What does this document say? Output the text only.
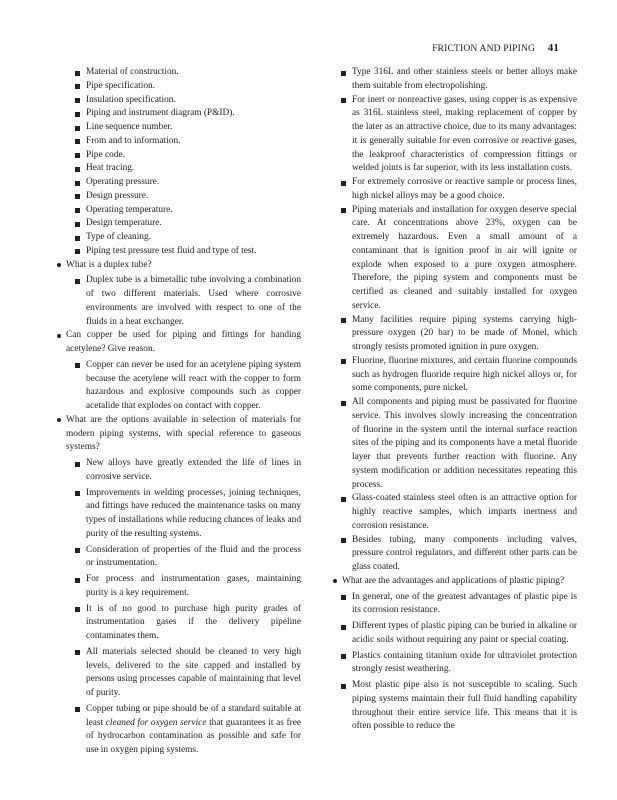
FRICTION AND PIPING 41
Material of construction.
Pipe specification.
Insulation specification.
Piping and instrument diagram (P&ID).
Line sequence number.
From and to information.
Pipe code.
Heat tracing.
Operating pressure.
Design pressure.
Operating temperature.
Design temperature.
Type of cleaning.
Piping test pressure test fluid and type of test.
What is a duplex tube?
Duplex tube is a bimetallic tube involving a combination of two different materials. Used where corrosive environments are involved with respect to one of the fluids in a heat exchanger.
Can copper be used for piping and fittings for handing acetylene? Give reason.
Copper can never be used for an acetylene piping system because the acetylene will react with the copper to form hazardous and explosive compounds such as copper acetalide that explodes on contact with copper.
What are the options available in selection of materials for modern piping systems, with special reference to gaseous systems?
New alloys have greatly extended the life of lines in corrosive service.
Improvements in welding processes, joining techniques, and fittings have reduced the maintenance tasks on many types of installations while reducing chances of leaks and purity of the resulting systems.
Consideration of properties of the fluid and the process or instrumentation.
For process and instrumentation gases, maintaining purity is a key requirement.
It is of no good to purchase high purity grades of instrumentation gases if the delivery pipeline contaminates them.
All materials selected should be cleaned to very high levels, delivered to the site capped and installed by persons using processes capable of maintaining that level of purity.
Copper tubing or pipe should be of a standard suitable at least cleaned for oxygen service that guarantees it as free of hydrocarbon contamination as possible and safe for use in oxygen piping systems.
Type 316L and other stainless steels or better alloys make them suitable from electropolishing.
For inert or nonreactive gases, using copper is as expensive as 316L stainless steel, making replacement of copper by the later as an attractive choice, due to its many advantages: it is generally suitable for even corrosive or reactive gases, the leakproof characteristics of compression fittings or welded joints is far superior, with its less installation costs.
For extremely corrosive or reactive sample or process lines, high nickel alloys may be a good choice.
Piping materials and installation for oxygen deserve special care. At concentrations above 23%, oxygen can be extremely hazardous. Even a small amount of a contaminant that is ignition proof in air will ignite or explode when exposed to a pure oxygen atmosphere. Therefore, the piping system and components must be certified as cleaned and suitably installed for oxygen service.
Many facilities require piping systems carrying high-pressure oxygen (20 bar) to be made of Monel, which strongly resists promoted ignition in pure oxygen.
Fluorine, fluorine mixtures, and certain fluorine compounds such as hydrogen fluoride require high nickel alloys or, for some components, pure nickel.
All components and piping must be passivated for fluorine service. This involves slowly increasing the concentration of fluorine in the system until the internal surface reaction sites of the piping and its components have a metal fluoride layer that prevents further reaction with fluorine. Any system modification or addition necessitates repeating this process.
Glass-coated stainless steel often is an attractive option for highly reactive samples, which imparts inertness and corrosion resistance.
Besides tubing, many components including valves, pressure control regulators, and different other parts can be glass coated.
What are the advantages and applications of plastic piping?
In general, one of the greatest advantages of plastic pipe is its corrosion resistance.
Different types of plastic piping can be buried in alkaline or acidic soils without requiring any paint or special coating.
Plastics containing titanium oxide for ultraviolet protection strongly resist weathering.
Most plastic pipe also is not susceptible to scaling. Such piping systems maintain their full fluid handling capability throughout their entire service life. This means that it is often possible to reduce the
